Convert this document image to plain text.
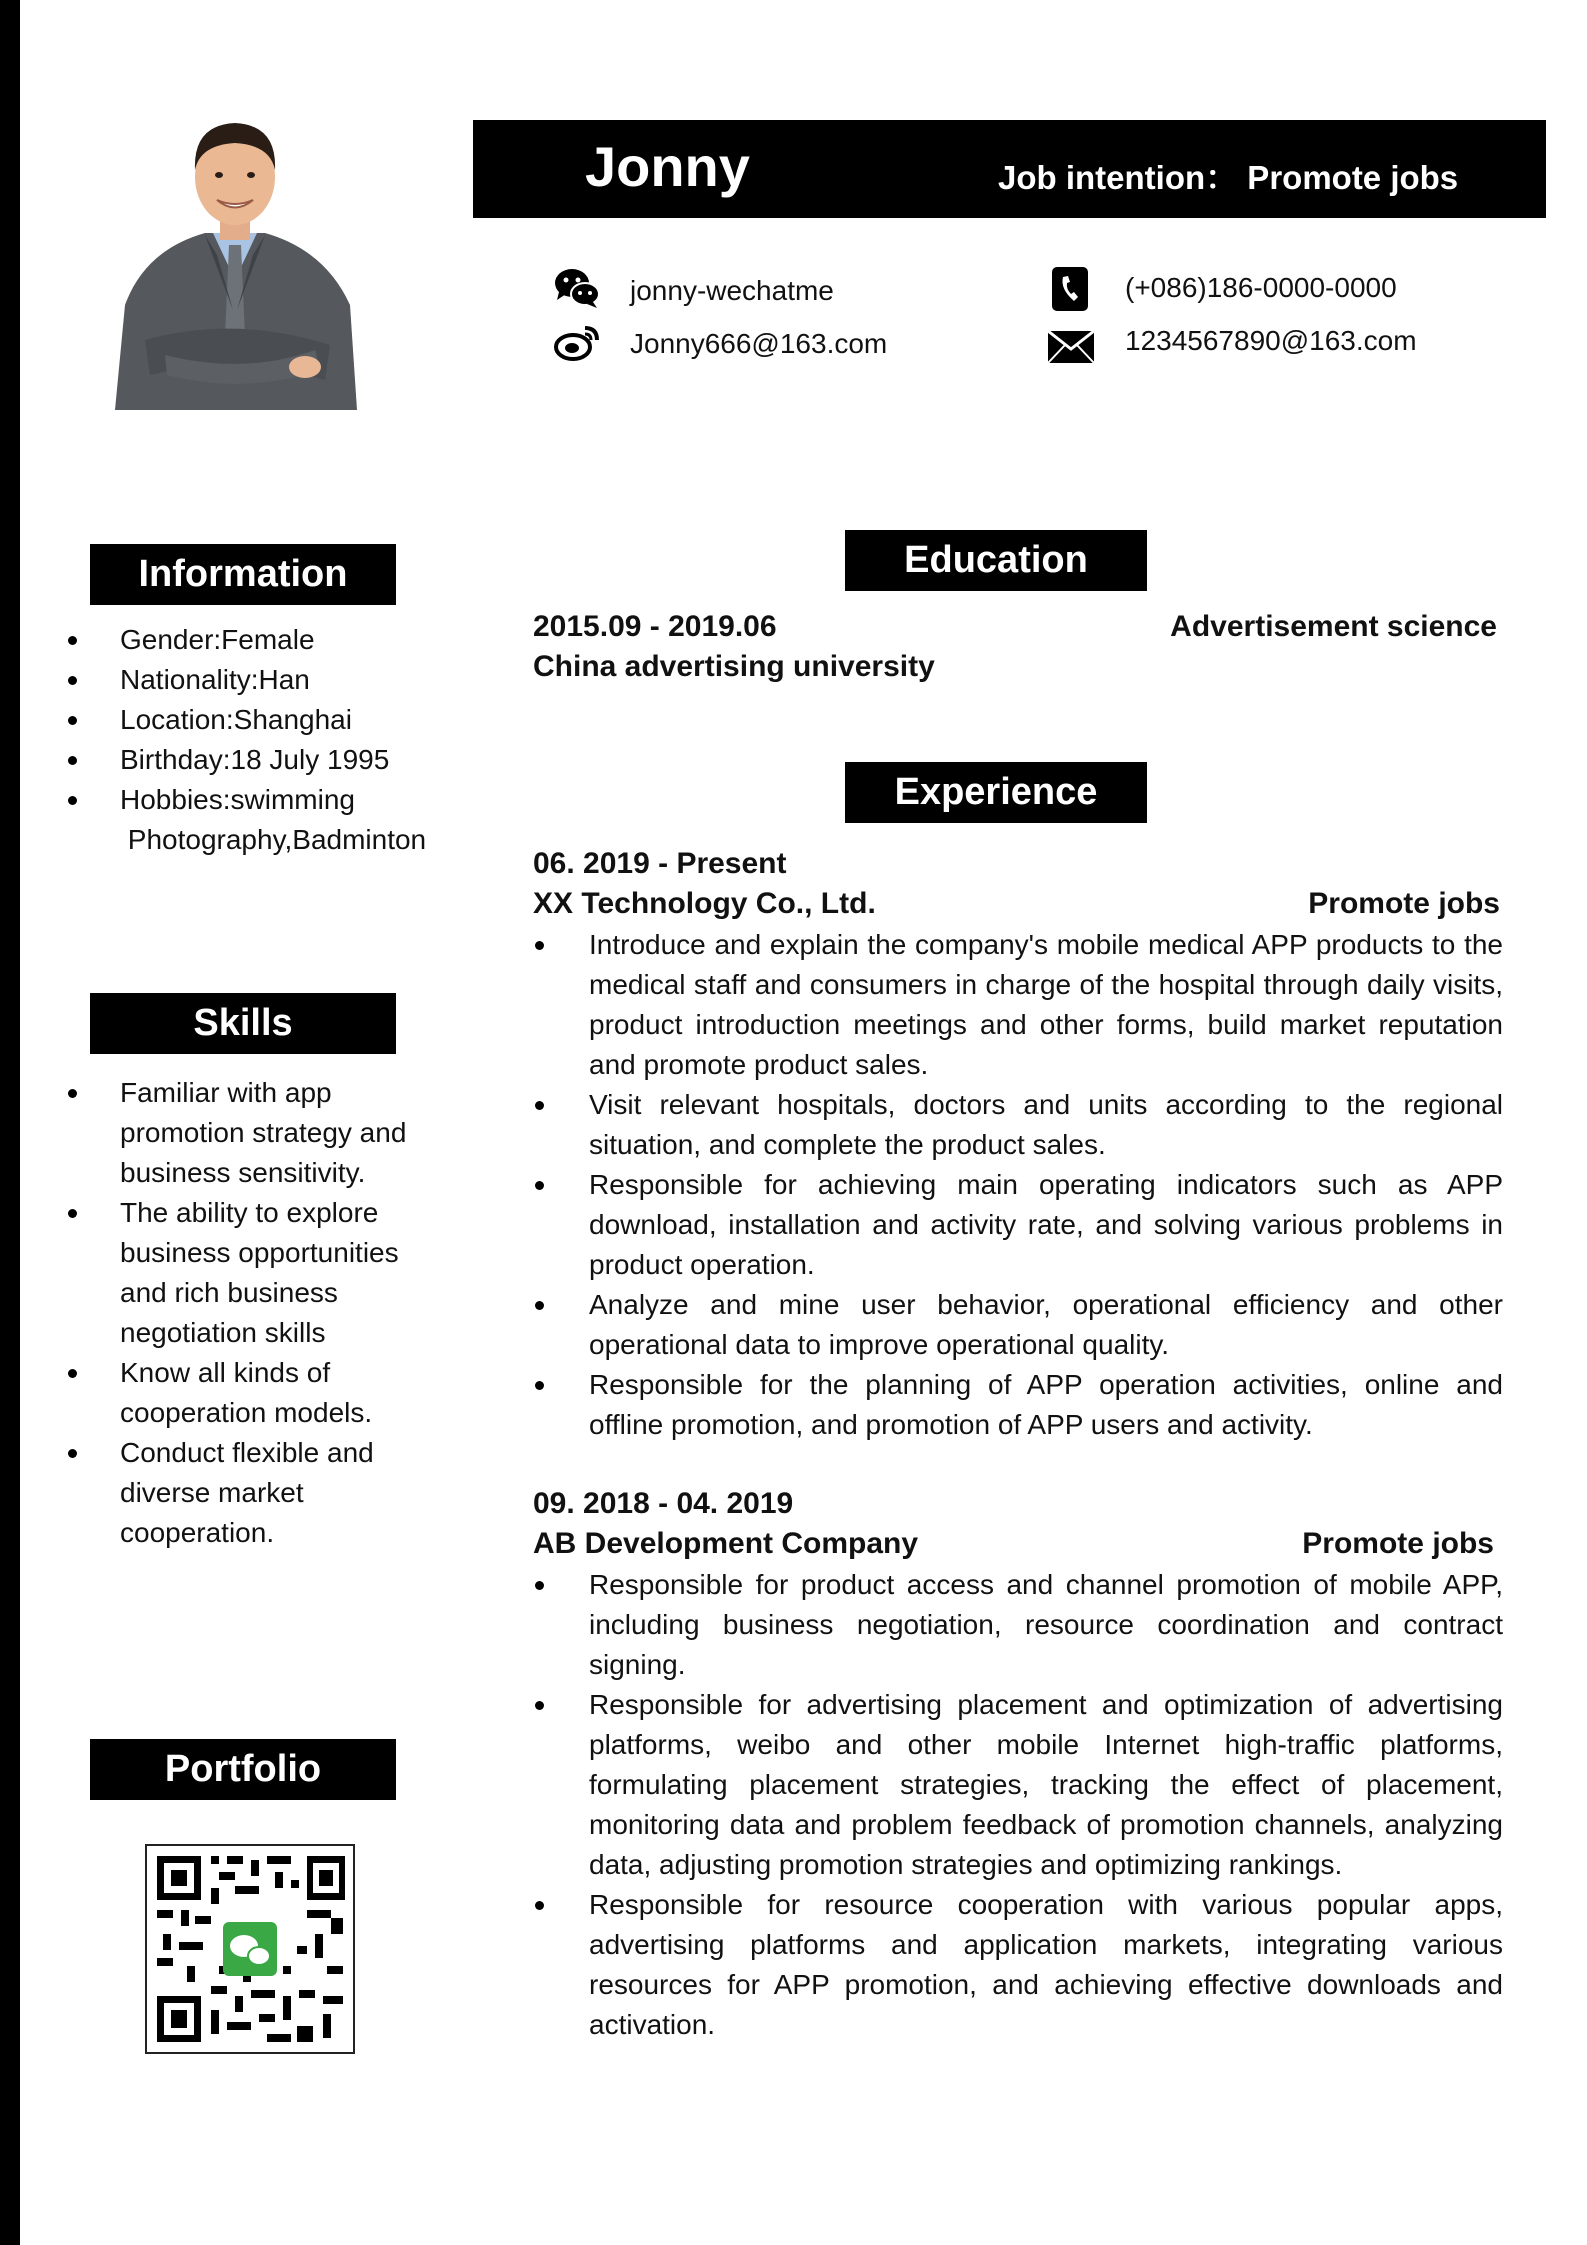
Jonny	Job intention： Promote jobs
jonny-wechatme
Jonny666@163.com
(+086)186-0000-0000
1234567890@163.com
Information
Gender:Female
Nationality:Han
Location:Shanghai
Birthday:18 July 1995
Hobbies:swimming
Photography,Badminton
Skills
Familiar with app promotion strategy and business sensitivity.
The ability to explore business opportunities and rich business negotiation skills
Know all kinds of cooperation models.
Conduct flexible and diverse market cooperation.
Portfolio
Education
2015.09 - 2019.06	Advertisement science
China advertising university
Experience
06. 2019 - Present
XX Technology Co., Ltd.	Promote jobs
Introduce and explain the company's mobile medical APP products to the medical staff and consumers in charge of the hospital through daily visits, product introduction meetings and other forms, build market reputation and promote product sales.
Visit relevant hospitals, doctors and units according to the regional situation, and complete the product sales.
Responsible for achieving main operating indicators such as APP download, installation and activity rate, and solving various problems in product operation.
Analyze and mine user behavior, operational efficiency and other operational data to improve operational quality.
Responsible for the planning of APP operation activities, online and offline promotion, and promotion of APP users and activity.
09. 2018 - 04. 2019
AB Development Company	Promote jobs
Responsible for product access and channel promotion of mobile APP, including business negotiation, resource coordination and contract signing.
Responsible for advertising placement and optimization of advertising platforms, weibo and other mobile Internet high-traffic platforms, formulating placement strategies, tracking the effect of placement, monitoring data and problem feedback of promotion channels, analyzing data, adjusting promotion strategies and optimizing rankings.
Responsible for resource cooperation with various popular apps, advertising platforms and application markets, integrating various resources for APP promotion, and achieving effective downloads and activation.
